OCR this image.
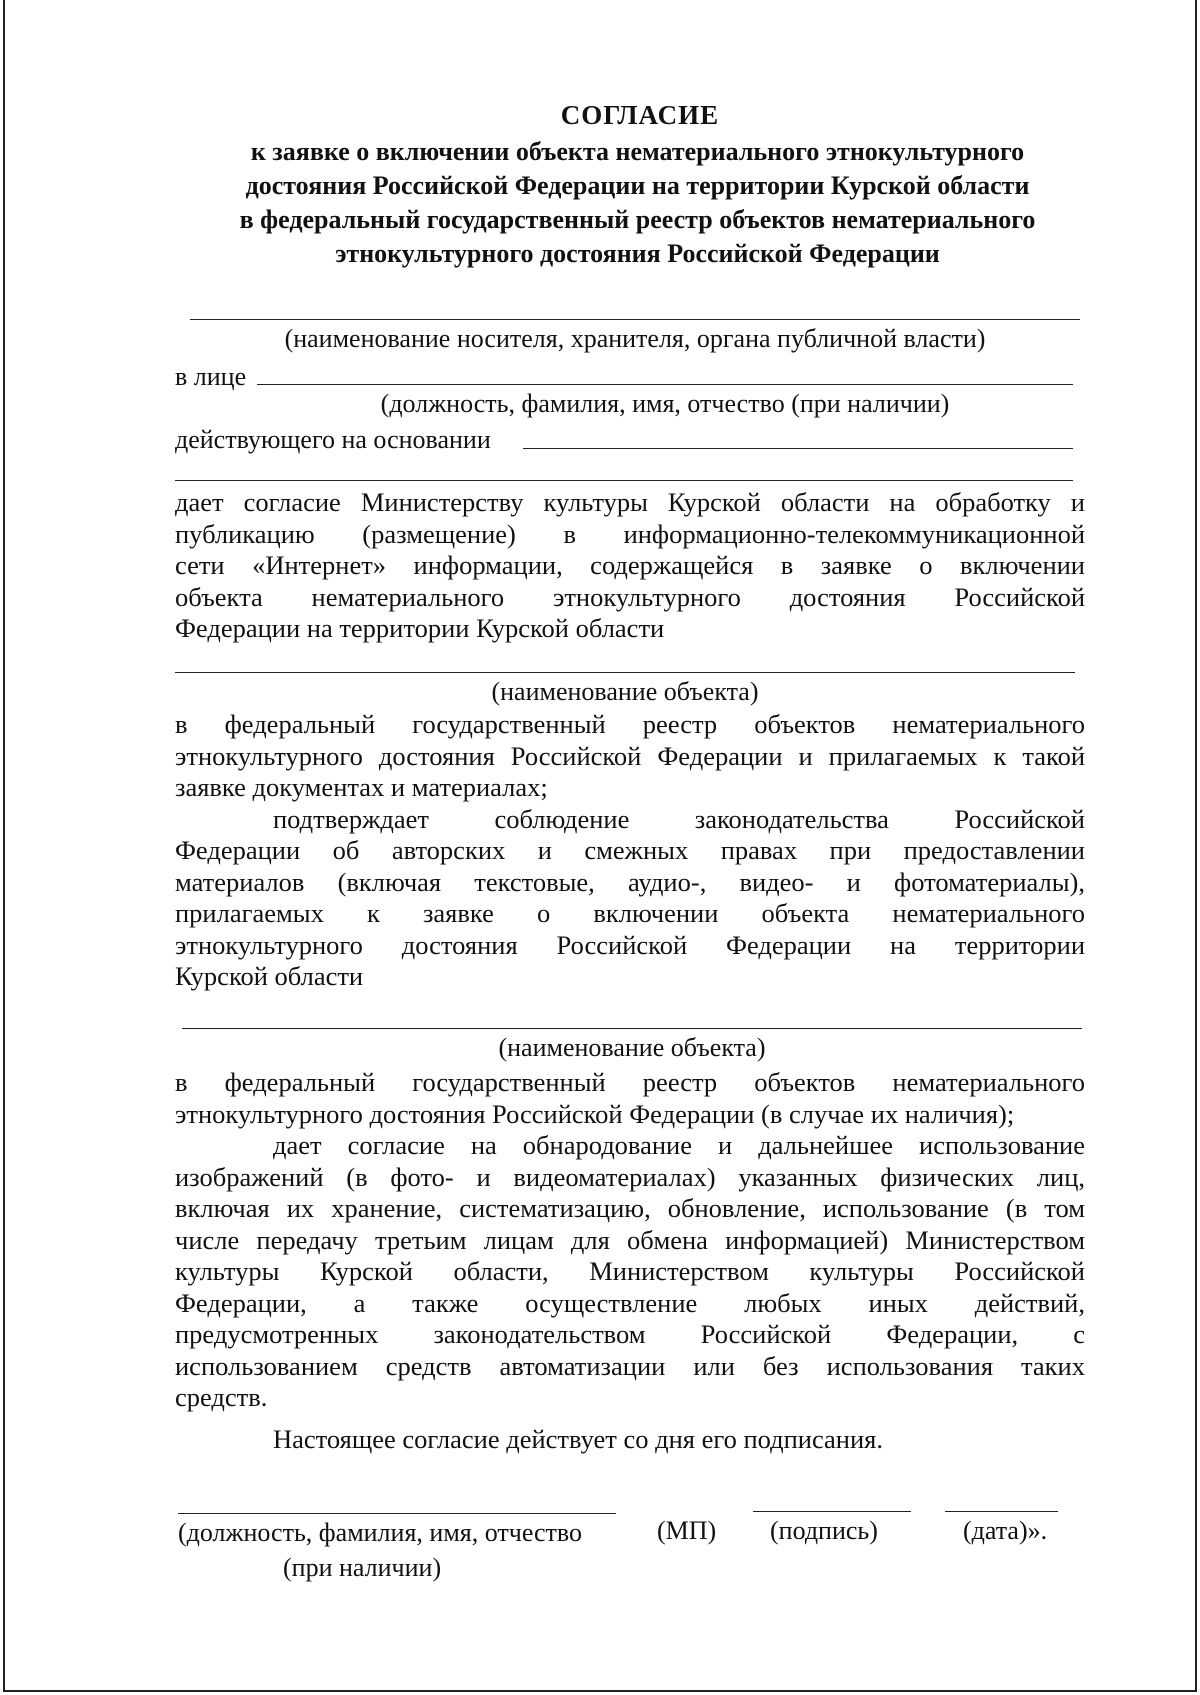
СОГЛАСИЕ
к заявке о включении объекта нематериального этнокультурного
достояния Российской Федерации на территории Курской области
в федеральный государственный реестр объектов нематериального
этнокультурного достояния Российской Федерации
(наименование носителя, хранителя, органа публичной власти)
в лице
(должность, фамилия, имя, отчество (при наличии)
действующего на основании
дает согласие Министерству культуры Курской области на обработку и
публикацию (размещение) в информационно-телекоммуникационной
сети «Интернет» информации, содержащейся в заявке о включении
объекта нематериального этнокультурного достояния Российской
Федерации на территории Курской области
(наименование объекта)
в федеральный государственный реестр объектов нематериального
этнокультурного достояния Российской Федерации и прилагаемых к такой
заявке документах и материалах;
подтверждает соблюдение законодательства Российской
Федерации об авторских и смежных правах при предоставлении
материалов (включая текстовые, аудио-, видео- и фотоматериалы),
прилагаемых к заявке о включении объекта нематериального
этнокультурного достояния Российской Федерации на территории
Курской области
(наименование объекта)
в федеральный государственный реестр объектов нематериального
этнокультурного достояния Российской Федерации (в случае их наличия);
дает согласие на обнародование и дальнейшее использование
изображений (в фото- и видеоматериалах) указанных физических лиц,
включая их хранение, систематизацию, обновление, использование (в том
числе передачу третьим лицам для обмена информацией) Министерством
культуры Курской области, Министерством культуры Российской
Федерации, а также осуществление любых иных действий,
предусмотренных законодательством Российской Федерации, с
использованием средств автоматизации или без использования таких
средств.
Настоящее согласие действует со дня его подписания.
(должность, фамилия, имя, отчество
(при наличии)
(МП) (подпись)	(дата)».
